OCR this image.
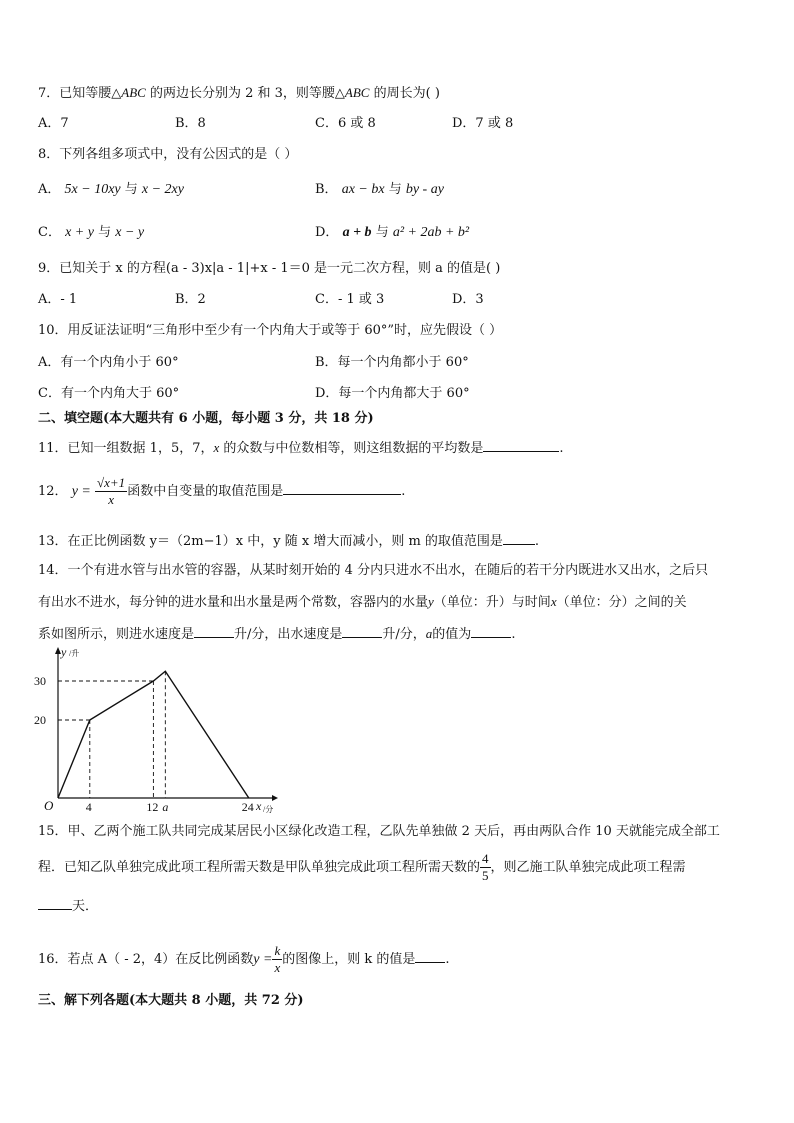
7．已知等腰△ABC 的两边长分别为 2 和 3，则等腰△ABC 的周长为( )
A．7	B．8	C．6 或 8	D．7 或 8
8．下列各组多项式中，没有公因式的是（ ）
A． 5x − 10xy 与 x − 2xy	B． ax − bx 与 by - ay
C． x + y 与 x − y	D． a + b 与 a² + 2ab + b²
9．已知关于 x 的方程(a - 3)x|a - 1|+x - 1＝0 是一元二次方程，则 a 的值是( )
A．- 1	B．2	C．- 1 或 3	D．3
10．用反证法证明“三角形中至少有一个内角大于或等于 60°”时，应先假设（ ）
A．有一个内角小于 60°	B．每一个内角都小于 60°
C．有一个内角大于 60°	D．每一个内角都大于 60°
二、填空题(本大题共有 6 小题，每小题 3 分，共 18 分)
11．已知一组数据 1，5，7，x 的众数与中位数相等，则这组数据的平均数是	.
12． $y = \frac{√x+1}{x}$ 函数中自变量的取值范围是	.
13．在正比例函数 y＝（2m−1）x 中，y 随 x 增大而减小，则 m 的取值范围是 .
14．一个有进水管与出水管的容器，从某时刻开始的 4 分内只进水不出水，在随后的若干分内既进水又出水，之后只
有出水不进水，每分钟的进水量和出水量是两个常数，容器内的水量y（单位：升）与时间x（单位：分）之间的关
系如图所示，则进水速度是	升/分，出水速度是	升/分，a的值为	.
y /升
x /分
O
20
30
4	12 a	24
15．甲、乙两个施工队共同完成某居民小区绿化改造工程，乙队先单独做 2 天后，再由两队合作 10 天就能完成全部工
程．已知乙队单独完成此项工程所需天数是甲队单独完成此项工程所需天数的 $\frac{4}{5}$ ，则乙施工队单独完成此项工程需
天．
16．若点 A（ - 2，4）在反比例函数$y = \frac{k}{x}$ 的图像上，则 k 的值是 .
三、解下列各题(本大题共 8 小题，共 72 分)
